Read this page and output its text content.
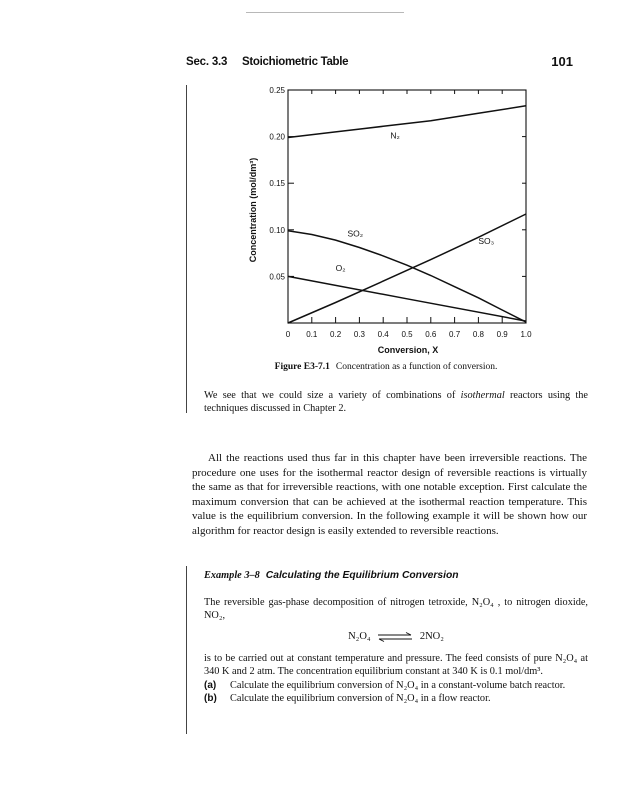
Sec. 3.3 Stoichiometric Table	101
0 0.1 0.2 0.3 0.4 0.5 0.6 0.7 0.8 0.9 1.0
0.05
0.10
0.15
0.20
0.25
N₂
SO₂
SO₃
O₂
Conversion, X
Concentration (mol/dm³)
Figure E3-7.1 Concentration as a function of conversion.
We see that we could size a variety of combinations of isothermal reactors using the techniques discussed in Chapter 2.
All the reactions used thus far in this chapter have been irreversible reactions. The procedure one uses for the isothermal reactor design of reversible reactions is virtually the same as that for irreversible reactions, with one notable exception. First calculate the maximum conversion that can be achieved at the isothermal reaction temperature. This value is the equilibrium conversion. In the following example it will be shown how our algorithm for reactor design is easily extended to reversible reactions.
Example 3–8 Calculating the Equilibrium Conversion

The reversible gas-phase decomposition of nitrogen tetroxide, N₂O₄ , to nitrogen dioxide, NO₂,

N₂O₄ ⇌ 2NO₂

is to be carried out at constant temperature and pressure. The feed consists of pure N₂O₄ at 340 K and 2 atm. The concentration equilibrium constant at 340 K is 0.1 mol/dm³.

(a) Calculate the equilibrium conversion of N₂O₄ in a constant-volume batch reactor.
(b) Calculate the equilibrium conversion of N₂O₄ in a flow reactor.
